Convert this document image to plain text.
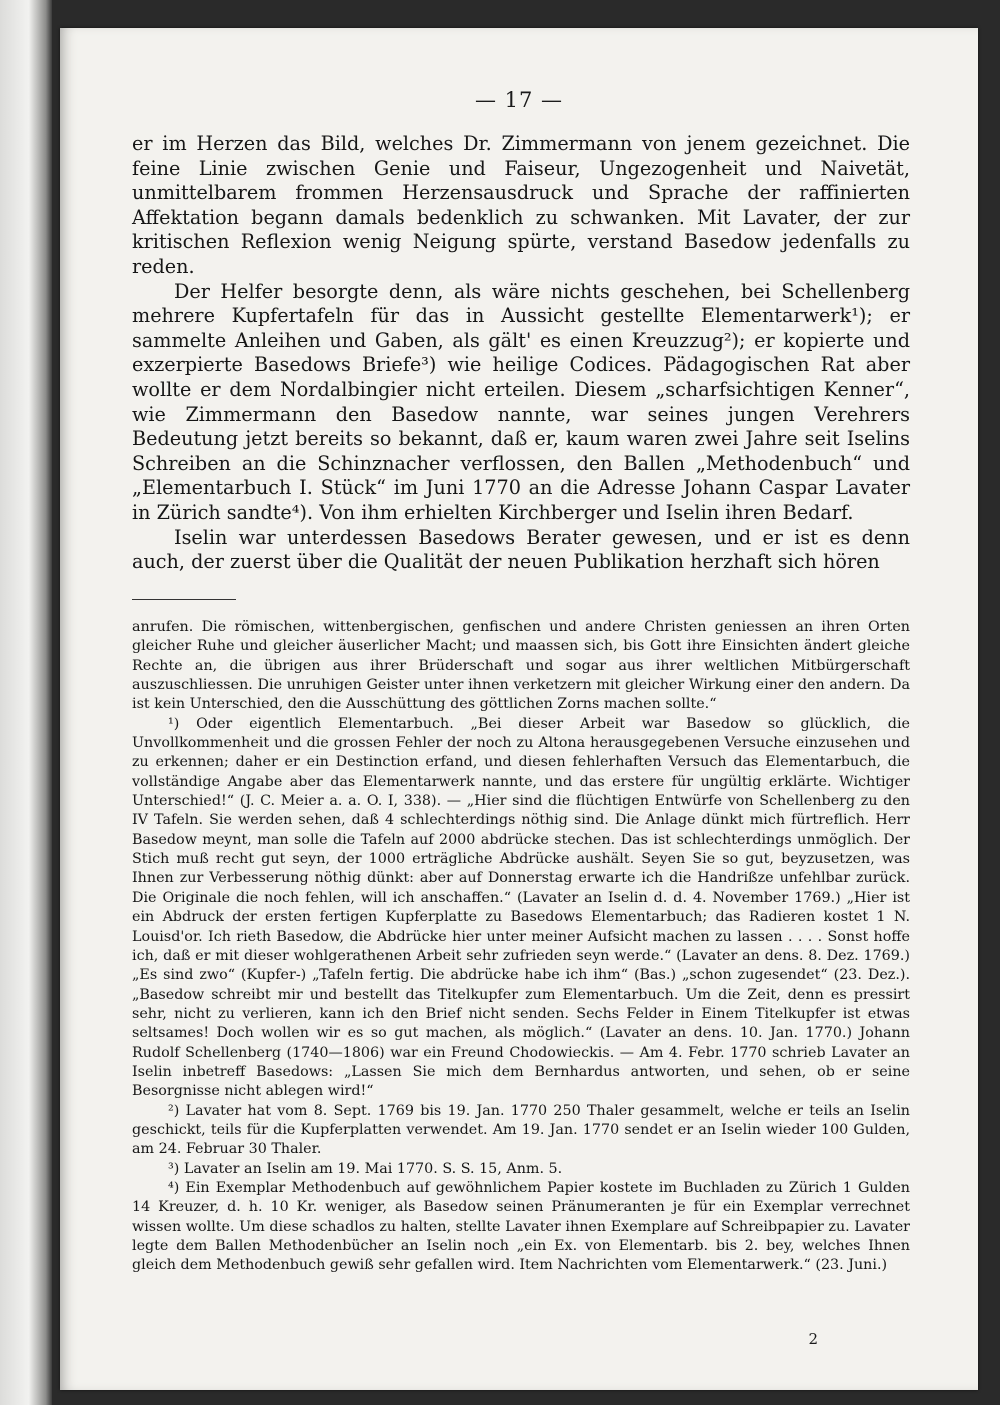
— 17 —

er im Herzen das Bild, welches Dr. Zimmermann von jenem gezeichnet. Die feine Linie zwischen Genie und Faiseur, Ungezogenheit und Naivetät, unmittelbarem frommen Herzensausdruck und Sprache der raffinierten Affektation begann damals bedenklich zu schwanken. Mit Lavater, der zur kritischen Reflexion wenig Neigung spürte, verstand Basedow jedenfalls zu reden.

Der Helfer besorgte denn, als wäre nichts geschehen, bei Schellenberg mehrere Kupfertafeln für das in Aussicht gestellte Elementarwerk¹); er sammelte Anleihen und Gaben, als gält' es einen Kreuzzug²); er kopierte und exzerpierte Basedows Briefe³) wie heilige Codices. Pädagogischen Rat aber wollte er dem Nordalbingier nicht erteilen. Diesem „scharfsichtigen Kenner“, wie Zimmermann den Basedow nannte, war seines jungen Verehrers Bedeutung jetzt bereits so bekannt, daß er, kaum waren zwei Jahre seit Iselins Schreiben an die Schinznacher verflossen, den Ballen „Methodenbuch“ und „Elementarbuch I. Stück“ im Juni 1770 an die Adresse Johann Caspar Lavater in Zürich sandte⁴). Von ihm erhielten Kirchberger und Iselin ihren Bedarf.

Iselin war unterdessen Basedows Berater gewesen, und er ist es denn auch, der zuerst über die Qualität der neuen Publikation herzhaft sich hören

anrufen. Die römischen, wittenbergischen, genfischen und andere Christen geniessen an ihren Orten gleicher Ruhe und gleicher äuserlicher Macht; und maassen sich, bis Gott ihre Einsichten ändert gleiche Rechte an, die übrigen aus ihrer Brüderschaft und sogar aus ihrer weltlichen Mitbürgerschaft auszuschliessen. Die unruhigen Geister unter ihnen verketzern mit gleicher Wirkung einer den andern. Da ist kein Unterschied, den die Ausschüttung des göttlichen Zorns machen sollte.“

¹) Oder eigentlich Elementarbuch. „Bei dieser Arbeit war Basedow so glücklich, die Unvollkommenheit und die grossen Fehler der noch zu Altona herausgegebenen Versuche einzusehen und zu erkennen; daher er ein Destinction erfand, und diesen fehlerhaften Versuch das Elementarbuch, die vollständige Angabe aber das Elementarwerk nannte, und das erstere für ungültig erklärte. Wichtiger Unterschied!“ (J. C. Meier a. a. O. I, 338). — „Hier sind die flüchtigen Entwürfe von Schellenberg zu den IV Tafeln. Sie werden sehen, daß 4 schlechterdings nöthig sind. Die Anlage dünkt mich fürtreflich. Herr Basedow meynt, man solle die Tafeln auf 2000 abdrücke stechen. Das ist schlechterdings unmöglich. Der Stich muß recht gut seyn, der 1000 erträgliche Abdrücke aushält. Seyen Sie so gut, beyzusetzen, was Ihnen zur Verbesserung nöthig dünkt: aber auf Donnerstag erwarte ich die Handrißze unfehlbar zurück. Die Originale die noch fehlen, will ich anschaffen.“ (Lavater an Iselin d. d. 4. November 1769.) „Hier ist ein Abdruck der ersten fertigen Kupferplatte zu Basedows Elementarbuch; das Radieren kostet 1 N. Louisd'or. Ich rieth Basedow, die Abdrücke hier unter meiner Aufsicht machen zu lassen . . . . Sonst hoffe ich, daß er mit dieser wohlgerathenen Arbeit sehr zufrieden seyn werde.“ (Lavater an dens. 8. Dez. 1769.) „Es sind zwo“ (Kupfer-) „Tafeln fertig. Die abdrücke habe ich ihm“ (Bas.) „schon zugesendet“ (23. Dez.). „Basedow schreibt mir und bestellt das Titelkupfer zum Elementarbuch. Um die Zeit, denn es pressirt sehr, nicht zu verlieren, kann ich den Brief nicht senden. Sechs Felder in Einem Titelkupfer ist etwas seltsames! Doch wollen wir es so gut machen, als möglich.“ (Lavater an dens. 10. Jan. 1770.) Johann Rudolf Schellenberg (1740—1806) war ein Freund Chodowieckis. — Am 4. Febr. 1770 schrieb Lavater an Iselin inbetreff Basedows: „Lassen Sie mich dem Bernhardus antworten, und sehen, ob er seine Besorgnisse nicht ablegen wird!“

²) Lavater hat vom 8. Sept. 1769 bis 19. Jan. 1770 250 Thaler gesammelt, welche er teils an Iselin geschickt, teils für die Kupferplatten verwendet. Am 19. Jan. 1770 sendet er an Iselin wieder 100 Gulden, am 24. Februar 30 Thaler.

³) Lavater an Iselin am 19. Mai 1770. S. S. 15, Anm. 5.

⁴) Ein Exemplar Methodenbuch auf gewöhnlichem Papier kostete im Buchladen zu Zürich 1 Gulden 14 Kreuzer, d. h. 10 Kr. weniger, als Basedow seinen Pränumeranten je für ein Exemplar verrechnet wissen wollte. Um diese schadlos zu halten, stellte Lavater ihnen Exemplare auf Schreibpapier zu. Lavater legte dem Ballen Methodenbücher an Iselin noch „ein Ex. von Elementarb. bis 2. bey, welches Ihnen gleich dem Methodenbuch gewiß sehr gefallen wird. Item Nachrichten vom Elementarwerk.“ (23. Juni.)

2
